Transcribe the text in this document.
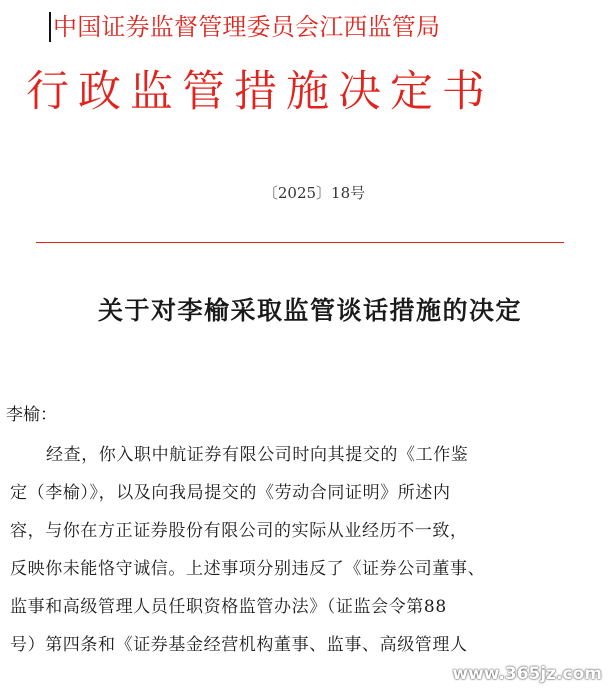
中国证券监督管理委员会江西监管局
行政监管措施决定书
〔2025〕18号
关于对李榆采取监管谈话措施的决定
李榆：
经查，你入职中航证券有限公司时向其提交的《工作鉴
定（李榆）》，以及向我局提交的《劳动合同证明》所述内
容，与你在方正证券股份有限公司的实际从业经历不一致，
反映你未能恪守诚信。上述事项分别违反了《证券公司董事、
监事和高级管理人员任职资格监管办法》（证监会令第88
号）第四条和《证券基金经营机构董事、监事、高级管理人
www.365jz.com
